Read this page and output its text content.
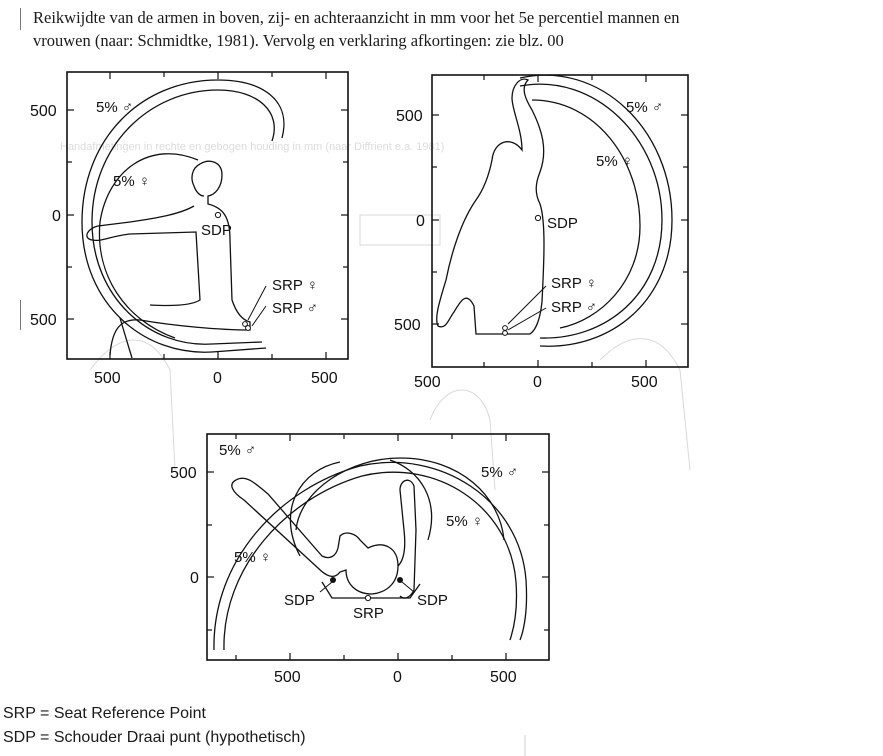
Reikwijdte van de armen in boven, zij- en achteraanzicht in mm voor het 5e percentiel mannen en
vrouwen (naar: Schmidtke, 1981). Vervolg en verklaring afkortingen: zie blz. 00
Handafmetingen in rechte en gebogen houding in mm (naar Diffrient e.a. 1981)
500
0
500
500	0	500
5% ♂
5% ♀
SDP
SRP ♀
SRP ♂
500
0
500
500	0	500
5% ♂
5% ♀
SDP
SRP ♀
SRP ♂
500
0
500	0	500
5% ♂
5% ♂
5% ♀
5% ♀
SDP	SDP
SRP
SRP = Seat Reference Point
SDP = Schouder Draai punt (hypothetisch)
